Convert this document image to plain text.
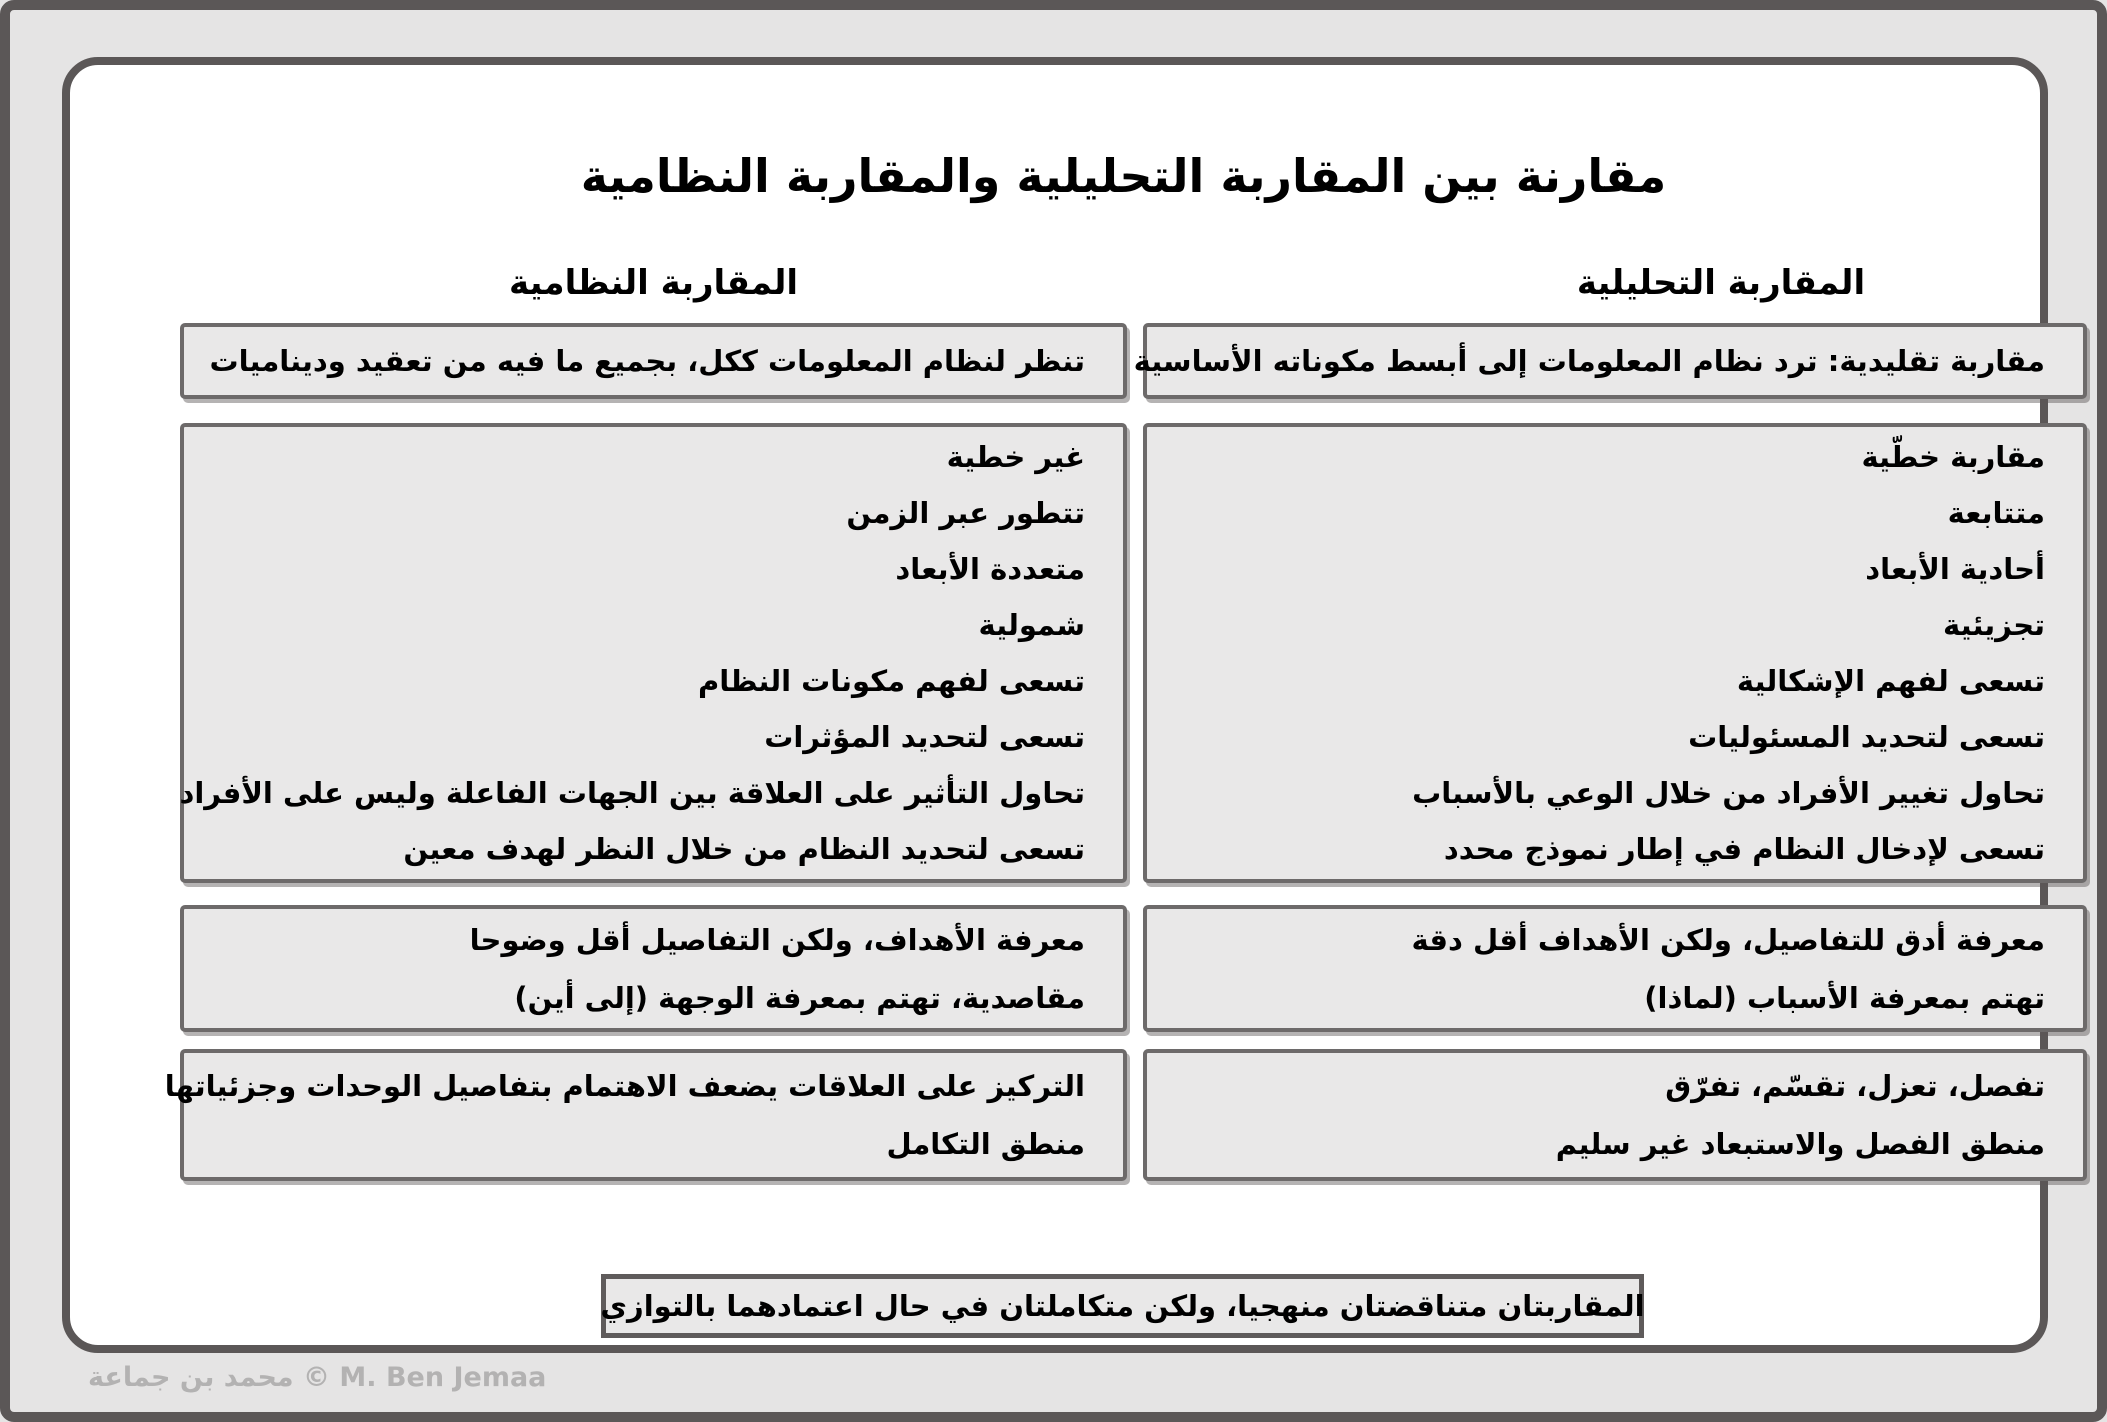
مقارنة بين المقاربة التحليلية والمقاربة النظامية
المقاربة التحليلية
المقاربة النظامية
مقاربة تقليدية: ترد نظام المعلومات إلى أبسط مكوناته الأساسية
تنظر لنظام المعلومات ككل، بجميع ما فيه من تعقيد وديناميات
مقاربة خطّية
متتابعة
أحادية الأبعاد
تجزيئية
تسعى لفهم الإشكالية
تسعى لتحديد المسئوليات
تحاول تغيير الأفراد من خلال الوعي بالأسباب
تسعى لإدخال النظام في إطار نموذج محدد
غير خطية
تتطور عبر الزمن
متعددة الأبعاد
شمولية
تسعى لفهم مكونات النظام
تسعى لتحديد المؤثرات
تحاول التأثير على العلاقة بين الجهات الفاعلة وليس على الأفراد
تسعى لتحديد النظام من خلال النظر لهدف معين
معرفة أدق للتفاصيل، ولكن الأهداف أقل دقة
تهتم بمعرفة الأسباب (لماذا)
معرفة الأهداف، ولكن التفاصيل أقل وضوحا
مقاصدية، تهتم بمعرفة الوجهة (إلى أين)
تفصل، تعزل، تقسّم، تفرّق
منطق الفصل والاستبعاد غير سليم
التركيز على العلاقات يضعف الاهتمام بتفاصيل الوحدات وجزئياتها
منطق التكامل
المقاربتان متناقضتان منهجيا، ولكن متكاملتان في حال اعتمادهما بالتوازي
محمد بن جماعة © M. Ben Jemaa
